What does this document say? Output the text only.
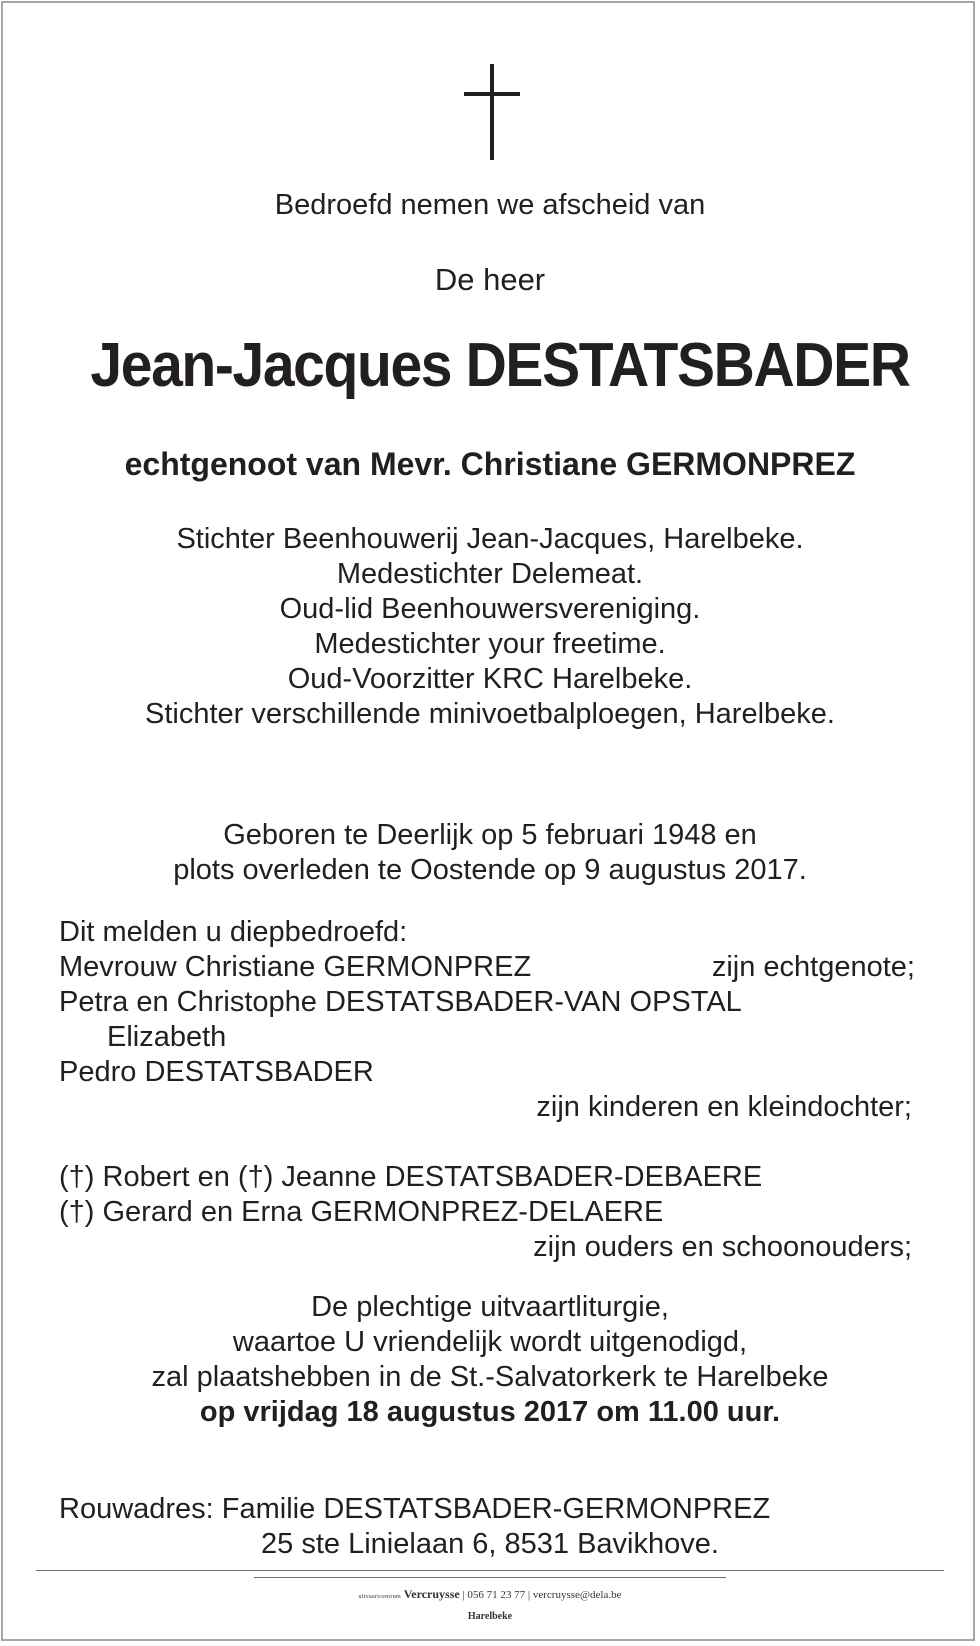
Bedroefd nemen we afscheid van
De heer
Jean-Jacques DESTATSBADER
echtgenoot van Mevr. Christiane GERMONPREZ
Stichter Beenhouwerij Jean-Jacques, Harelbeke.
Medestichter Delemeat.
Oud-lid Beenhouwersvereniging.
Medestichter your freetime.
Oud-Voorzitter KRC Harelbeke.
Stichter verschillende minivoetbalploegen, Harelbeke.
Geboren te Deerlijk op 5 februari 1948 en
plots overleden te Oostende op 9 augustus 2017.
Dit melden u diepbedroefd:
Mevrouw Christiane GERMONPREZ	zijn echtgenote;
Petra en Christophe DESTATSBADER-VAN OPSTAL
Elizabeth
Pedro DESTATSBADER
zijn kinderen en kleindochter;
(†) Robert en (†) Jeanne DESTATSBADER-DEBAERE
(†) Gerard en Erna GERMONPREZ-DELAERE
zijn ouders en schoonouders;
De plechtige uitvaartliturgie,
waartoe U vriendelijk wordt uitgenodigd,
zal plaatshebben in de St.-Salvatorkerk te Harelbeke
op vrijdag 18 augustus 2017 om 11.00 uur.
Rouwadres: Familie DESTATSBADER-GERMONPREZ
25 ste Linielaan 6, 8531 Bavikhove.
uitvaartcentrum Vercruysse | 056 71 23 77 | vercruysse@dela.be
Harelbeke
